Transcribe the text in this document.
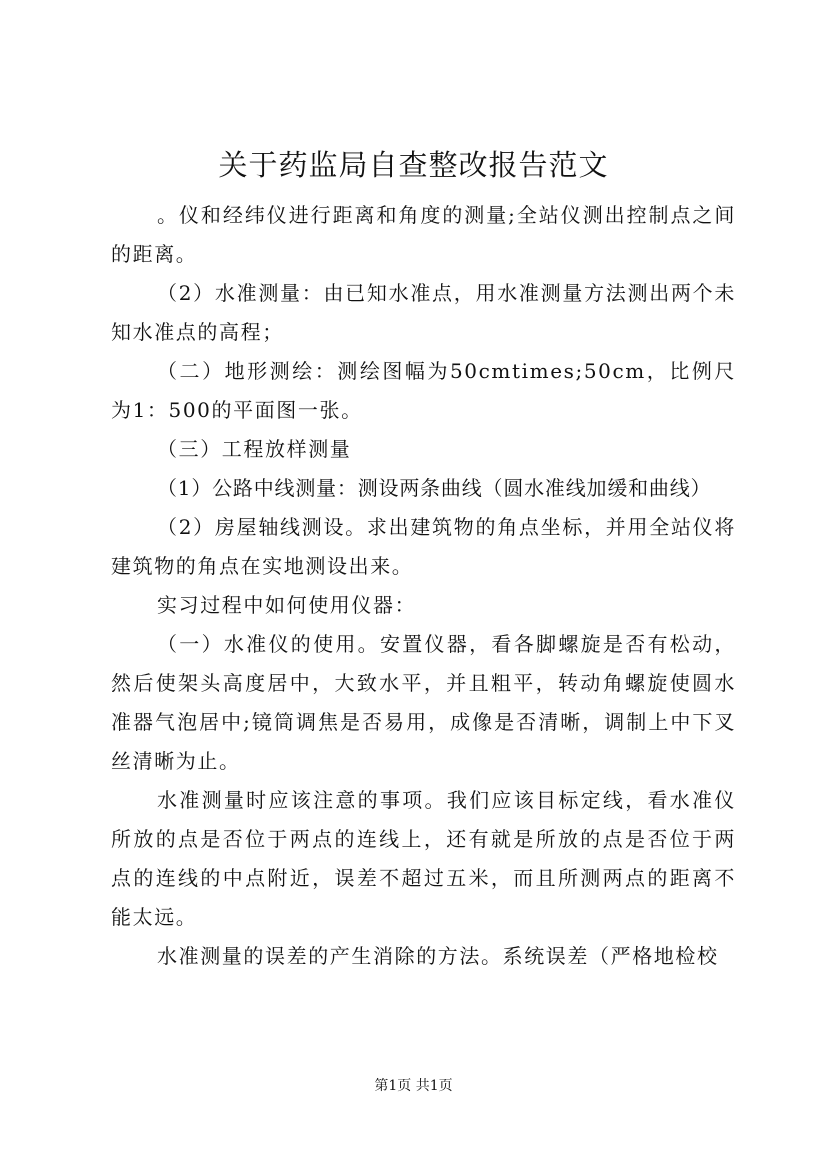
关于药监局自查整改报告范文

。仪和经纬仪进行距离和角度的测量;全站仪测出控制点之间的距离。

（2）水准测量：由已知水准点，用水准测量方法测出两个未知水准点的高程；

（二）地形测绘：测绘图幅为50cmtimes;50cm，比例尺为1：500的平面图一张。

（三）工程放样测量

（1）公路中线测量：测设两条曲线（圆水准线加缓和曲线）

（2）房屋轴线测设。求出建筑物的角点坐标，并用全站仪将建筑物的角点在实地测设出来。

实习过程中如何使用仪器：

（一）水准仪的使用。安置仪器，看各脚螺旋是否有松动，然后使架头高度居中，大致水平，并且粗平，转动角螺旋使圆水准器气泡居中;镜筒调焦是否易用，成像是否清晰，调制上中下叉丝清晰为止。

水准测量时应该注意的事项。我们应该目标定线，看水准仪所放的点是否位于两点的连线上，还有就是所放的点是否位于两点的连线的中点附近，误差不超过五米，而且所测两点的距离不能太远。

水准测量的误差的产生消除的方法。系统误差（严格地检校

第1页 共1页
